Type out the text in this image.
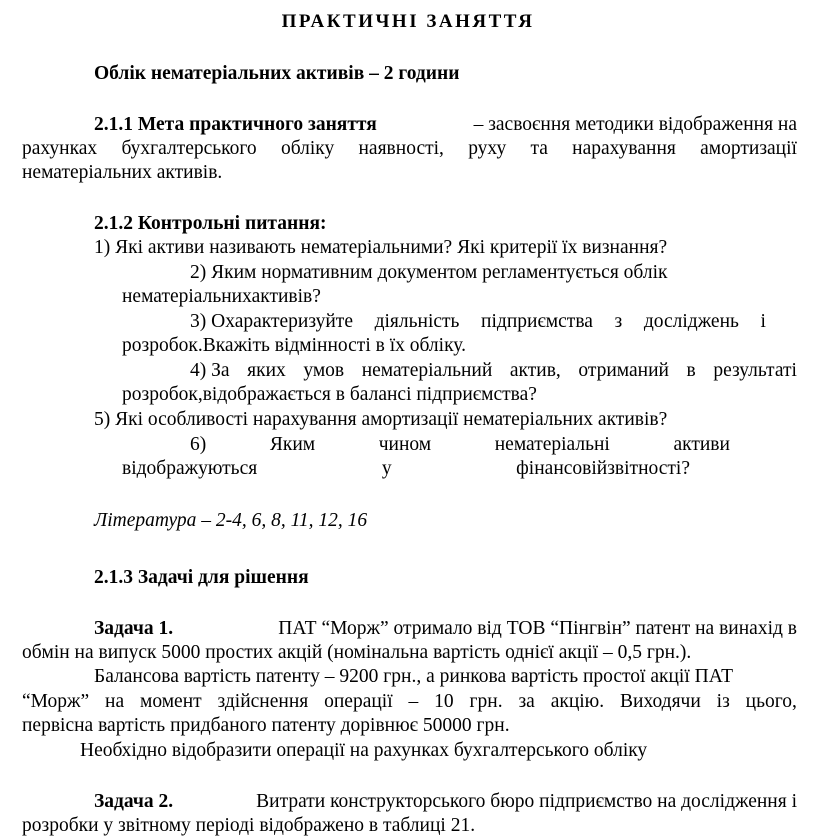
ПРАКТИЧНІ ЗАНЯТТЯ
Облік нематеріальних активів – 2 години
2.1.1 Мета практичного заняття	– засвоєння методики відображення на
рахунках бухгалтерського обліку наявності, руху та нарахування амортизації
нематеріальних активів.
2.1.2 Контрольні питання:
1) Які активи називають нематеріальними? Які критерії їх визнання?
2) Яким нормативним документом регламентується облік
нематеріальнихактивів?
3) Охарактеризуйте діяльність підприємства з досліджень і
розробок.Вкажіть відмінності в їх обліку.
4) За яких умов нематеріальний актив, отриманий в результаті
розробок,відображається в балансі підприємства?
5) Які особливості нарахування амортизації нематеріальних активів?
6)	Яким	чином	нематеріальні	активи
відображуються	у	фінансовійзвітності?
Література – 2-4, 6, 8, 11, 12, 16
2.1.3 Задачі для рішення
Задача 1.	ПАТ “Морж” отримало від ТОВ “Пінгвін” патент на винахід в
обмін на випуск 5000 простих акцій (номінальна вартість однієї акції – 0,5 грн.).
Балансова вартість патенту – 9200 грн., а ринкова вартість простої акції ПАТ
“Морж” на момент здійснення операції – 10 грн. за акцію. Виходячи із цього,
первісна вартість придбаного патенту дорівнює 50000 грн.
Необхідно відобразити операції на рахунках бухгалтерського обліку
Задача 2.	Витрати конструкторського бюро підприємство на дослідження і
розробки у звітному періоді відображено в таблиці 21.
